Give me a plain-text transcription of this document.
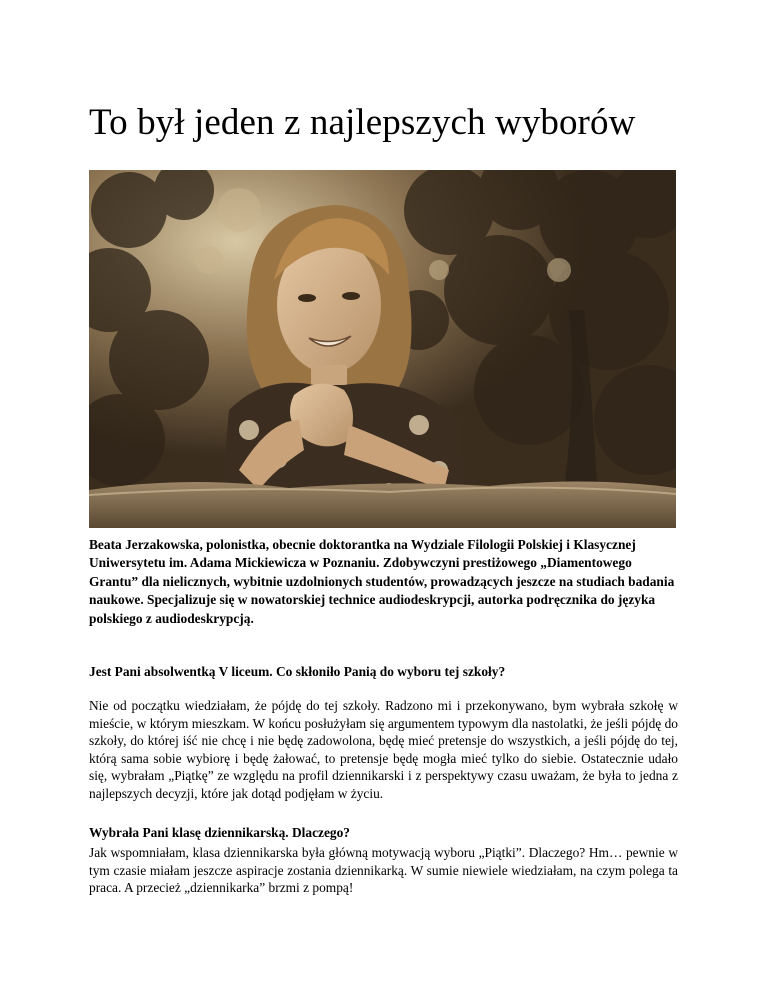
To był jeden z najlepszych wyborów

Beata Jerzakowska, polonistka, obecnie doktorantka na Wydziale Filologii Polskiej i Klasycznej Uniwersytetu im. Adama Mickiewicza w Poznaniu. Zdobywczyni prestiżowego „Diamentowego Grantu” dla nielicznych, wybitnie uzdolnionych studentów, prowadzących jeszcze na studiach badania naukowe. Specjalizuje się w nowatorskiej technice audiodeskrypcji, autorka podręcznika do języka polskiego z audiodeskrypcją.

Jest Pani absolwentką V liceum. Co skłoniło Panią do wyboru tej szkoły?

Nie od początku wiedziałam, że pójdę do tej szkoły. Radzono mi i przekonywano, bym wybrała szkołę w mieście, w którym mieszkam. W końcu posłużyłam się argumentem typowym dla nastolatki, że jeśli pójdę do szkoły, do której iść nie chcę i nie będę zadowolona, będę mieć pretensje do wszystkich, a jeśli pójdę do tej, którą sama sobie wybiorę i będę żałować, to pretensje będę mogła mieć tylko do siebie. Ostatecznie udało się, wybrałam „Piątkę” ze względu na profil dziennikarski i z perspektywy czasu uważam, że była to jedna z najlepszych decyzji, które jak dotąd podjęłam w życiu.

Wybrała Pani klasę dziennikarską. Dlaczego?

Jak wspomniałam, klasa dziennikarska była główną motywacją wyboru „Piątki”. Dlaczego? Hm… pewnie w tym czasie miałam jeszcze aspiracje zostania dziennikarką. W sumie niewiele wiedziałam, na czym polega ta praca. A przecież „dziennikarka” brzmi z pompą!
